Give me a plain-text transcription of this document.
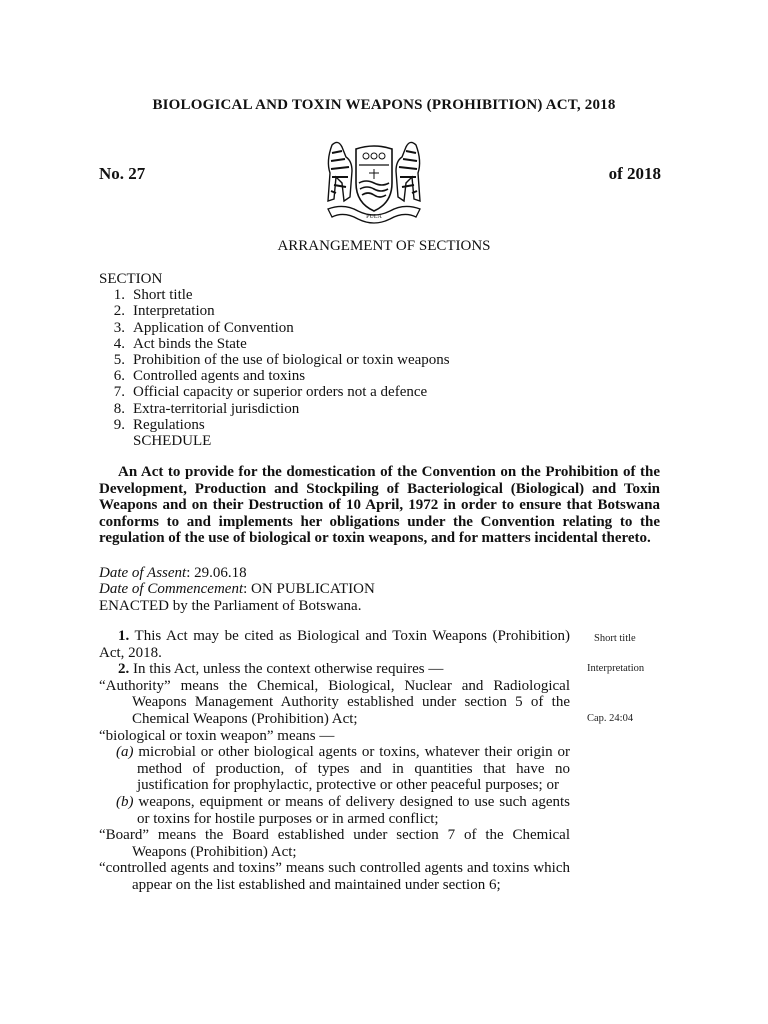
BIOLOGICAL AND TOXIN WEAPONS (PROHIBITION) ACT, 2018
No. 27	of 2018
PULA
ARRANGEMENT OF SECTIONS

SECTION

1. Short title
2. Interpretation
3. Application of Convention
4. Act binds the State
5. Prohibition of the use of biological or toxin weapons
6. Controlled agents and toxins
7. Official capacity or superior orders not a defence
8. Extra-territorial jurisdiction
9. Regulations

SCHEDULE

An Act to provide for the domestication of the Convention on the Prohibition of the Development, Production and Stockpiling of Bacteriological (Biological) and Toxin Weapons and on their Destruction of 10 April, 1972 in order to ensure that Botswana conforms to and implements her obligations under the Convention relating to the regulation of the use of biological or toxin weapons, and for matters incidental thereto.

Date of Assent: 29.06.18

Date of Commencement: ON PUBLICATION

ENACTED by the Parliament of Botswana.

1. This Act may be cited as Biological and Toxin Weapons (Prohibition) Act, 2018.

2. In this Act, unless the context otherwise requires —

“Authority” means the Chemical, Biological, Nuclear and Radiological Weapons Management Authority established under section 5 of the Chemical Weapons (Prohibition) Act;

“biological or toxin weapon” means —

(a) microbial or other biological agents or toxins, whatever their origin or method of production, of types and in quantities that have no justification for prophylactic, protective or other peaceful purposes; or

(b) weapons, equipment or means of delivery designed to use such agents or toxins for hostile purposes or in armed conflict;

“Board” means the Board established under section 7 of the Chemical Weapons (Prohibition) Act;

“controlled agents and toxins” means such controlled agents and toxins which appear on the list established and maintained under section 6;

Short title
Interpretation
Cap. 24:04
